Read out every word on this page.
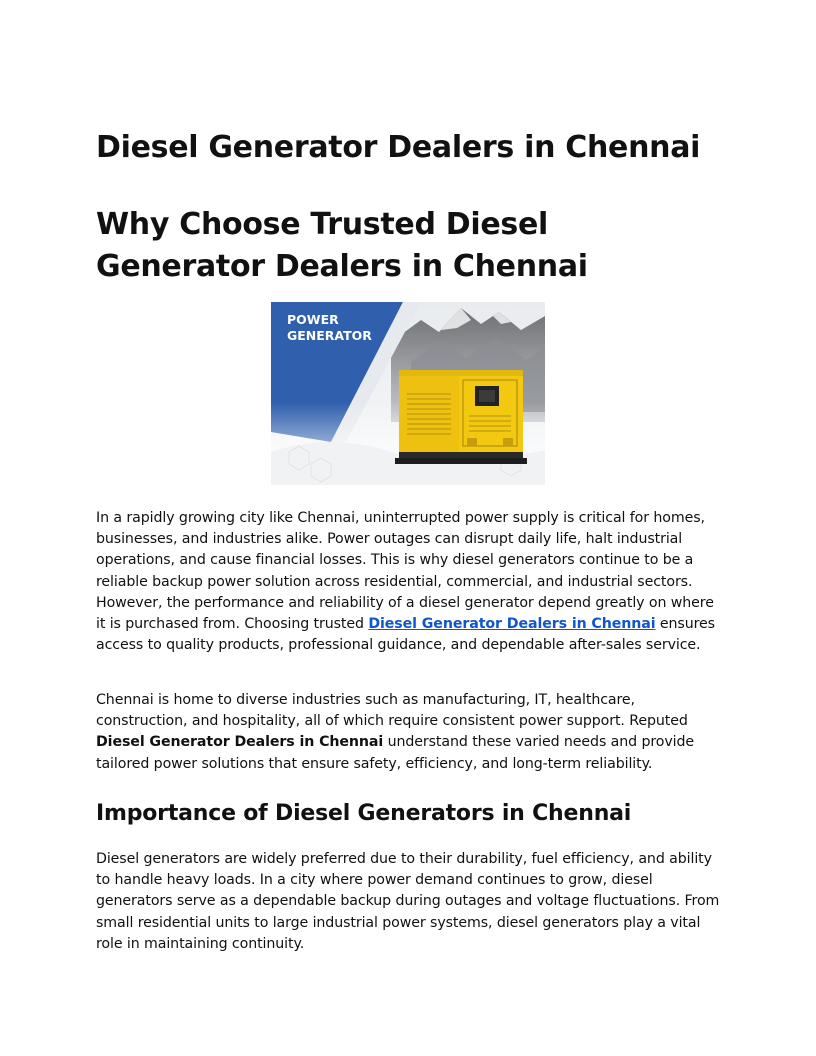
Diesel Generator Dealers in Chennai
Why Choose Trusted Diesel Generator Dealers in Chennai
POWER
GENERATOR

In a rapidly growing city like Chennai, uninterrupted power supply is critical for homes, businesses, and industries alike. Power outages can disrupt daily life, halt industrial operations, and cause financial losses. This is why diesel generators continue to be a reliable backup power solution across residential, commercial, and industrial sectors. However, the performance and reliability of a diesel generator depend greatly on where it is purchased from. Choosing trusted Diesel Generator Dealers in Chennai ensures access to quality products, professional guidance, and dependable after-sales service.

Chennai is home to diverse industries such as manufacturing, IT, healthcare, construction, and hospitality, all of which require consistent power support. Reputed Diesel Generator Dealers in Chennai understand these varied needs and provide tailored power solutions that ensure safety, efficiency, and long-term reliability.

Importance of Diesel Generators in Chennai

Diesel generators are widely preferred due to their durability, fuel efficiency, and ability to handle heavy loads. In a city where power demand continues to grow, diesel generators serve as a dependable backup during outages and voltage fluctuations. From small residential units to large industrial power systems, diesel generators play a vital role in maintaining continuity.
